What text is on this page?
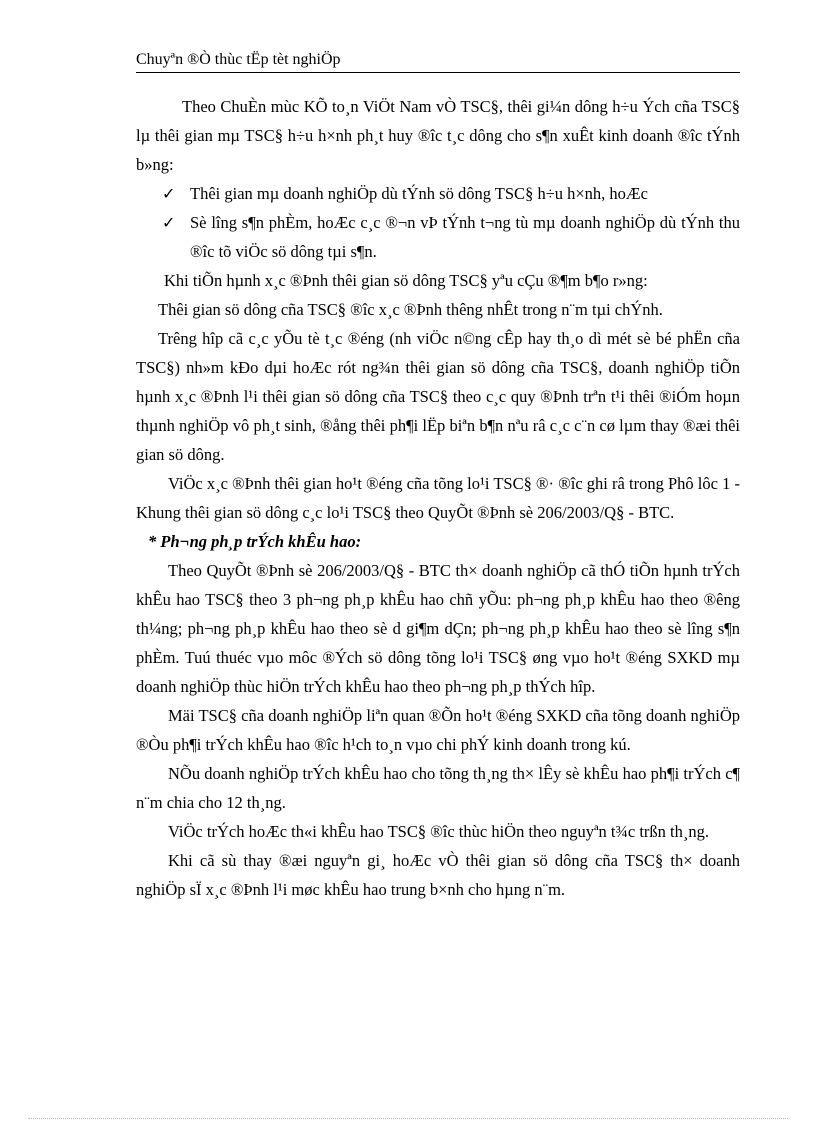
Chuyªn ®Ò thùc tËp tèt nghiÖp

Theo ChuÈn mùc KÕ to¸n ViÖt Nam vÒ TSC§, thêi gi¼n dông h÷u Ých cña TSC§ lµ thêi gian mµ TSC§ h÷u h×nh ph¸t huy ®îc t¸c dông cho s¶n xuÊt kinh doanh ®îc tÝnh b»ng:

✓ Thêi gian mµ doanh nghiÖp dù tÝnh sö dông TSC§ h÷u h×nh, hoÆc
✓ Sè lîng s¶n phÈm, hoÆc c¸c ®¬n vÞ tÝnh t¬ng tù mµ doanh nghiÖp dù tÝnh thu ®îc tõ viÖc sö dông tµi s¶n.

Khi tiÕn hµnh x¸c ®Þnh thêi gian sö dông TSC§ yªu cÇu ®¶m b¶o r»ng:

Thêi gian sö dông cña TSC§ ®îc x¸c ®Þnh thêng nhÊt trong n¨m tµi chÝnh.

Trêng hîp cã c¸c yÕu tè t¸c ®éng (nh viÖc n©ng cÊp hay th¸o dì mét sè bé phËn cña TSC§) nh»m kÐo dµi hoÆc rót ng¾n thêi gian sö dông cña TSC§, doanh nghiÖp tiÕn hµnh x¸c ®Þnh l¹i thêi gian sö dông cña TSC§ theo c¸c quy ®Þnh trªn t¹i thêi ®iÓm hoµn thµnh nghiÖp vô ph¸t sinh, ®ång thêi ph¶i lËp biªn b¶n nªu râ c¸c c¨n cø lµm thay ®æi thêi gian sö dông.

ViÖc x¸c ®Þnh thêi gian ho¹t ®éng cña tõng lo¹i TSC§ ®· ®îc ghi râ trong Phô lôc 1 - Khung thêi gian sö dông c¸c lo¹i TSC§ theo QuyÕt ®Þnh sè 206/2003/Q§ - BTC.

* Ph¬ng ph¸p trÝch khÊu hao:

Theo QuyÕt ®Þnh sè 206/2003/Q§ - BTC th× doanh nghiÖp cã thÓ tiÕn hµnh trÝch khÊu hao TSC§ theo 3 ph¬ng ph¸p khÊu hao chñ yÕu: ph¬ng ph¸p khÊu hao theo ®êng th¼ng; ph¬ng ph¸p khÊu hao theo sè d gi¶m dÇn; ph¬ng ph¸p khÊu hao theo sè lîng s¶n phÈm. Tuú thuéc vµo môc ®Ých sö dông tõng lo¹i TSC§ øng vµo ho¹t ®éng SXKD mµ doanh nghiÖp thùc hiÖn trÝch khÊu hao theo ph¬ng ph¸p thÝch hîp.

Mäi TSC§ cña doanh nghiÖp liªn quan ®Õn ho¹t ®éng SXKD cña tõng doanh nghiÖp ®Òu ph¶i trÝch khÊu hao ®îc h¹ch to¸n vµo chi phÝ kinh doanh trong kú.

NÕu doanh nghiÖp trÝch khÊu hao cho tõng th¸ng th× lÊy sè khÊu hao ph¶i trÝch c¶ n¨m chia cho 12 th¸ng.

ViÖc trÝch hoÆc th«i khÊu hao TSC§ ®îc thùc hiÖn theo nguyªn t¾c trßn th¸ng.

Khi cã sù thay ®æi nguyªn gi¸ hoÆc vÒ thêi gian sö dông cña TSC§ th× doanh nghiÖp sÏ x¸c ®Þnh l¹i møc khÊu hao trung b×nh cho hµng n¨m.
